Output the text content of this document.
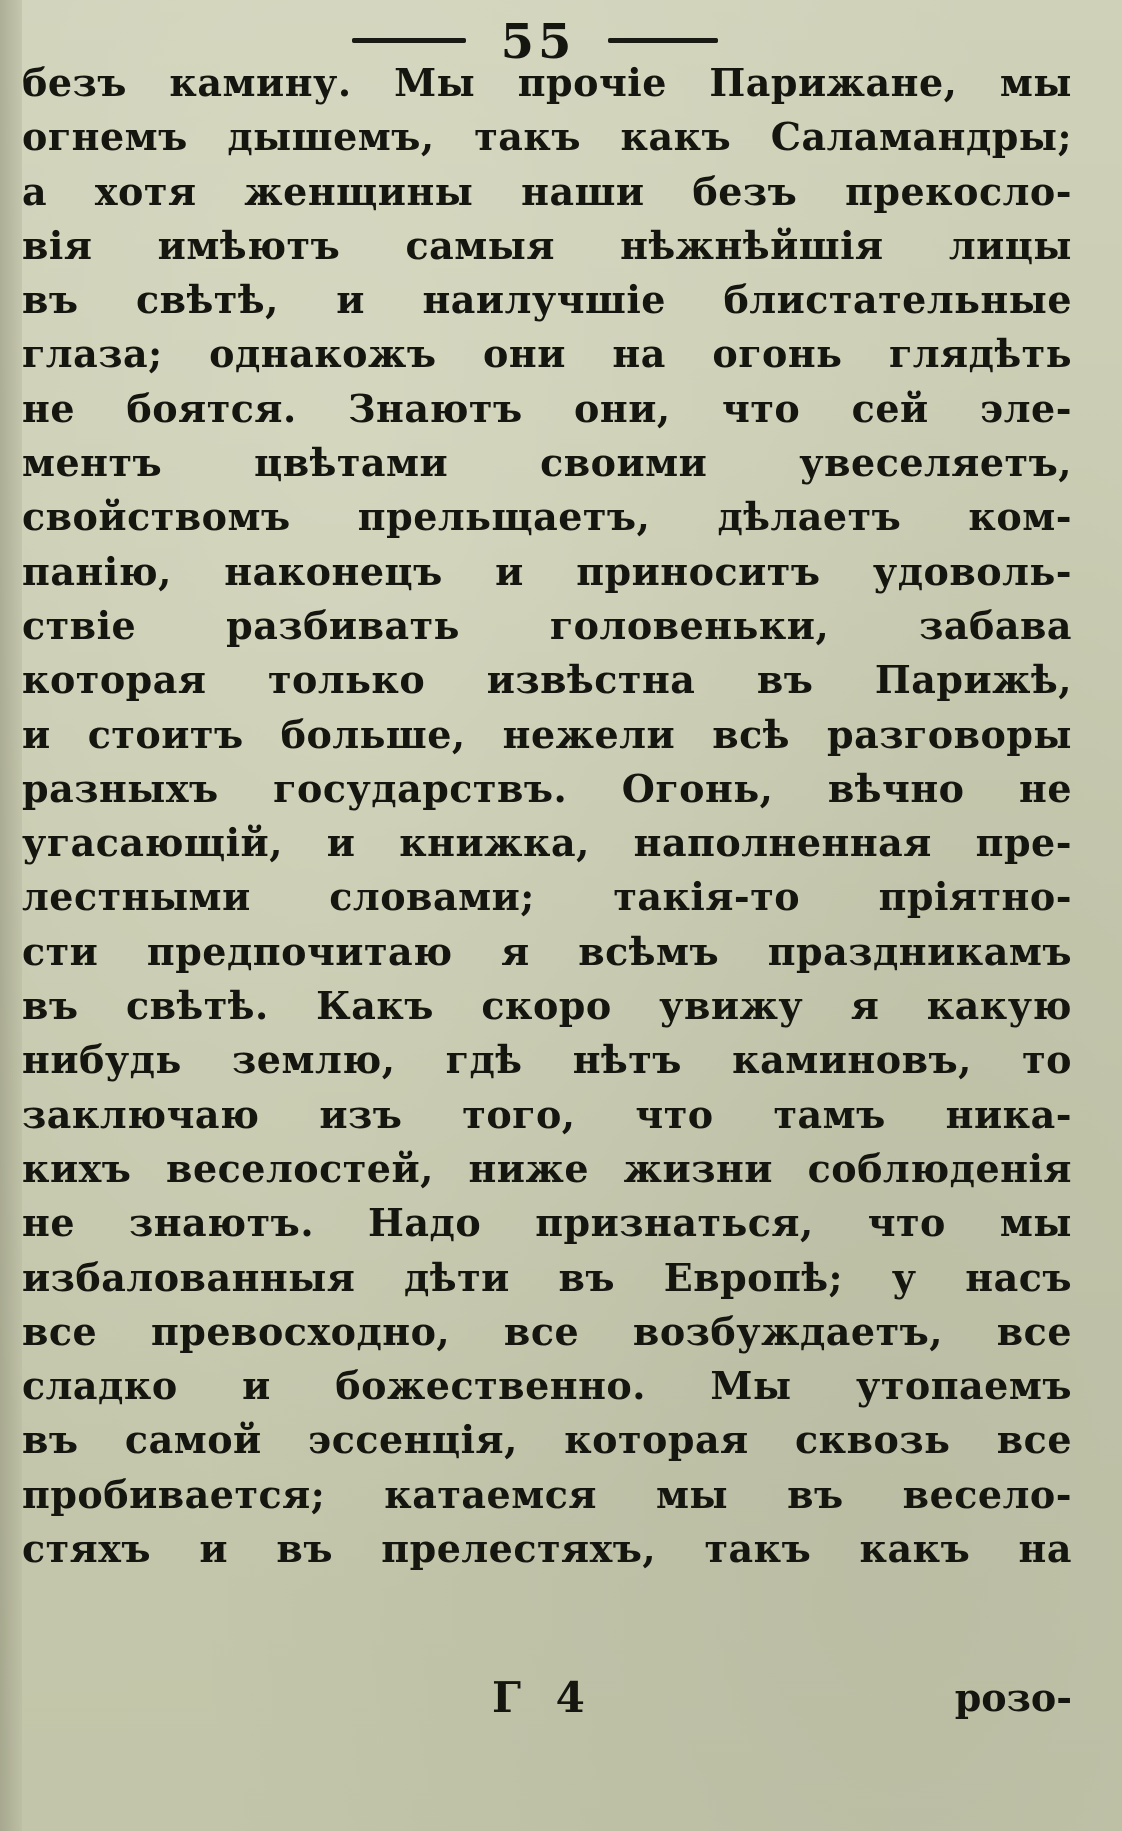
55
безъ камину. Мы прочіе Парижане, мы
огнемъ дышемъ, такъ какъ Саламандры;
а хотя женщины наши безъ прекосло-
вія имѣютъ самыя нѣжнѣйшія лицы
въ свѣтѣ, и наилучшіе блистательные
глаза; однакожъ они на огонь глядѣть
не боятся. Знаютъ они, что сей эле-
ментъ цвѣтами своими увеселяетъ,
свойствомъ прельщаетъ, дѣлаетъ ком-
панію, наконецъ и приноситъ удоволь-
ствіе разбивать головеньки, забава
которая только извѣстна въ Парижѣ,
и стоитъ больше, нежели всѣ разговоры
разныхъ государствъ. Огонь, вѣчно не
угасающій, и книжка, наполненная пре-
лестными словами; такія-то пріятно-
сти предпочитаю я всѣмъ праздникамъ
въ свѣтѣ. Какъ скоро увижу я какую
нибудь землю, гдѣ нѣтъ каминовъ, то
заключаю изъ того, что тамъ ника-
кихъ веселостей, ниже жизни соблюденія
не знаютъ. Надо признаться, что мы
избалованныя дѣти въ Европѣ; у насъ
все превосходно, все возбуждаетъ, все
сладко и божественно. Мы утопаемъ
въ самой эссенція, которая сквозь все
пробивается; катаемся мы въ весело-
стяхъ и въ прелестяхъ, такъ какъ на
Г 4	розо-
